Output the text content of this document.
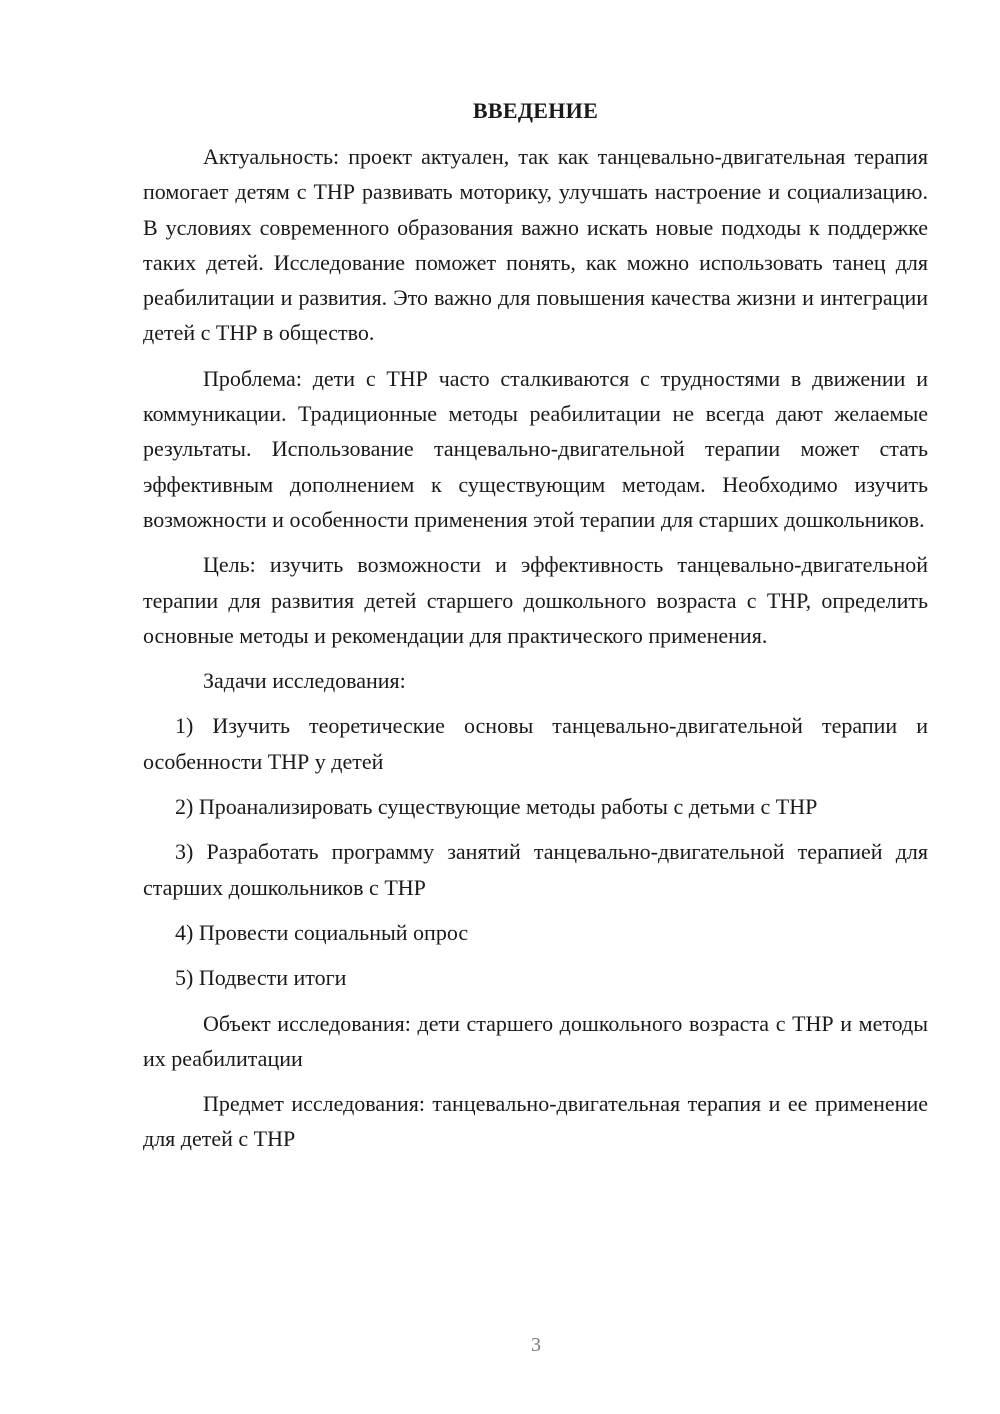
ВВЕДЕНИЕ

Актуальность: проект актуален, так как танцевально-двигательная терапия помогает детям с ТНР развивать моторику, улучшать настроение и социализацию. В условиях современного образования важно искать новые подходы к поддержке таких детей. Исследование поможет понять, как можно использовать танец для реабилитации и развития. Это важно для повышения качества жизни и интеграции детей с ТНР в общество.

Проблема: дети с ТНР часто сталкиваются с трудностями в движении и коммуникации. Традиционные методы реабилитации не всегда дают желаемые результаты. Использование танцевально-двигательной терапии может стать эффективным дополнением к существующим методам. Необходимо изучить возможности и особенности применения этой терапии для старших дошкольников.

Цель: изучить возможности и эффективность танцевально-двигательной терапии для развития детей старшего дошкольного возраста с ТНР, определить основные методы и рекомендации для практического применения.

Задачи исследования:

1) Изучить теоретические основы танцевально-двигательной терапии и особенности ТНР у детей

2) Проанализировать существующие методы работы с детьми с ТНР

3) Разработать программу занятий танцевально-двигательной терапией для старших дошкольников с ТНР

4) Провести социальный опрос

5) Подвести итоги

Объект исследования: дети старшего дошкольного возраста с ТНР и методы их реабилитации

Предмет исследования: танцевально-двигательная терапия и ее применение для детей с ТНР

3
